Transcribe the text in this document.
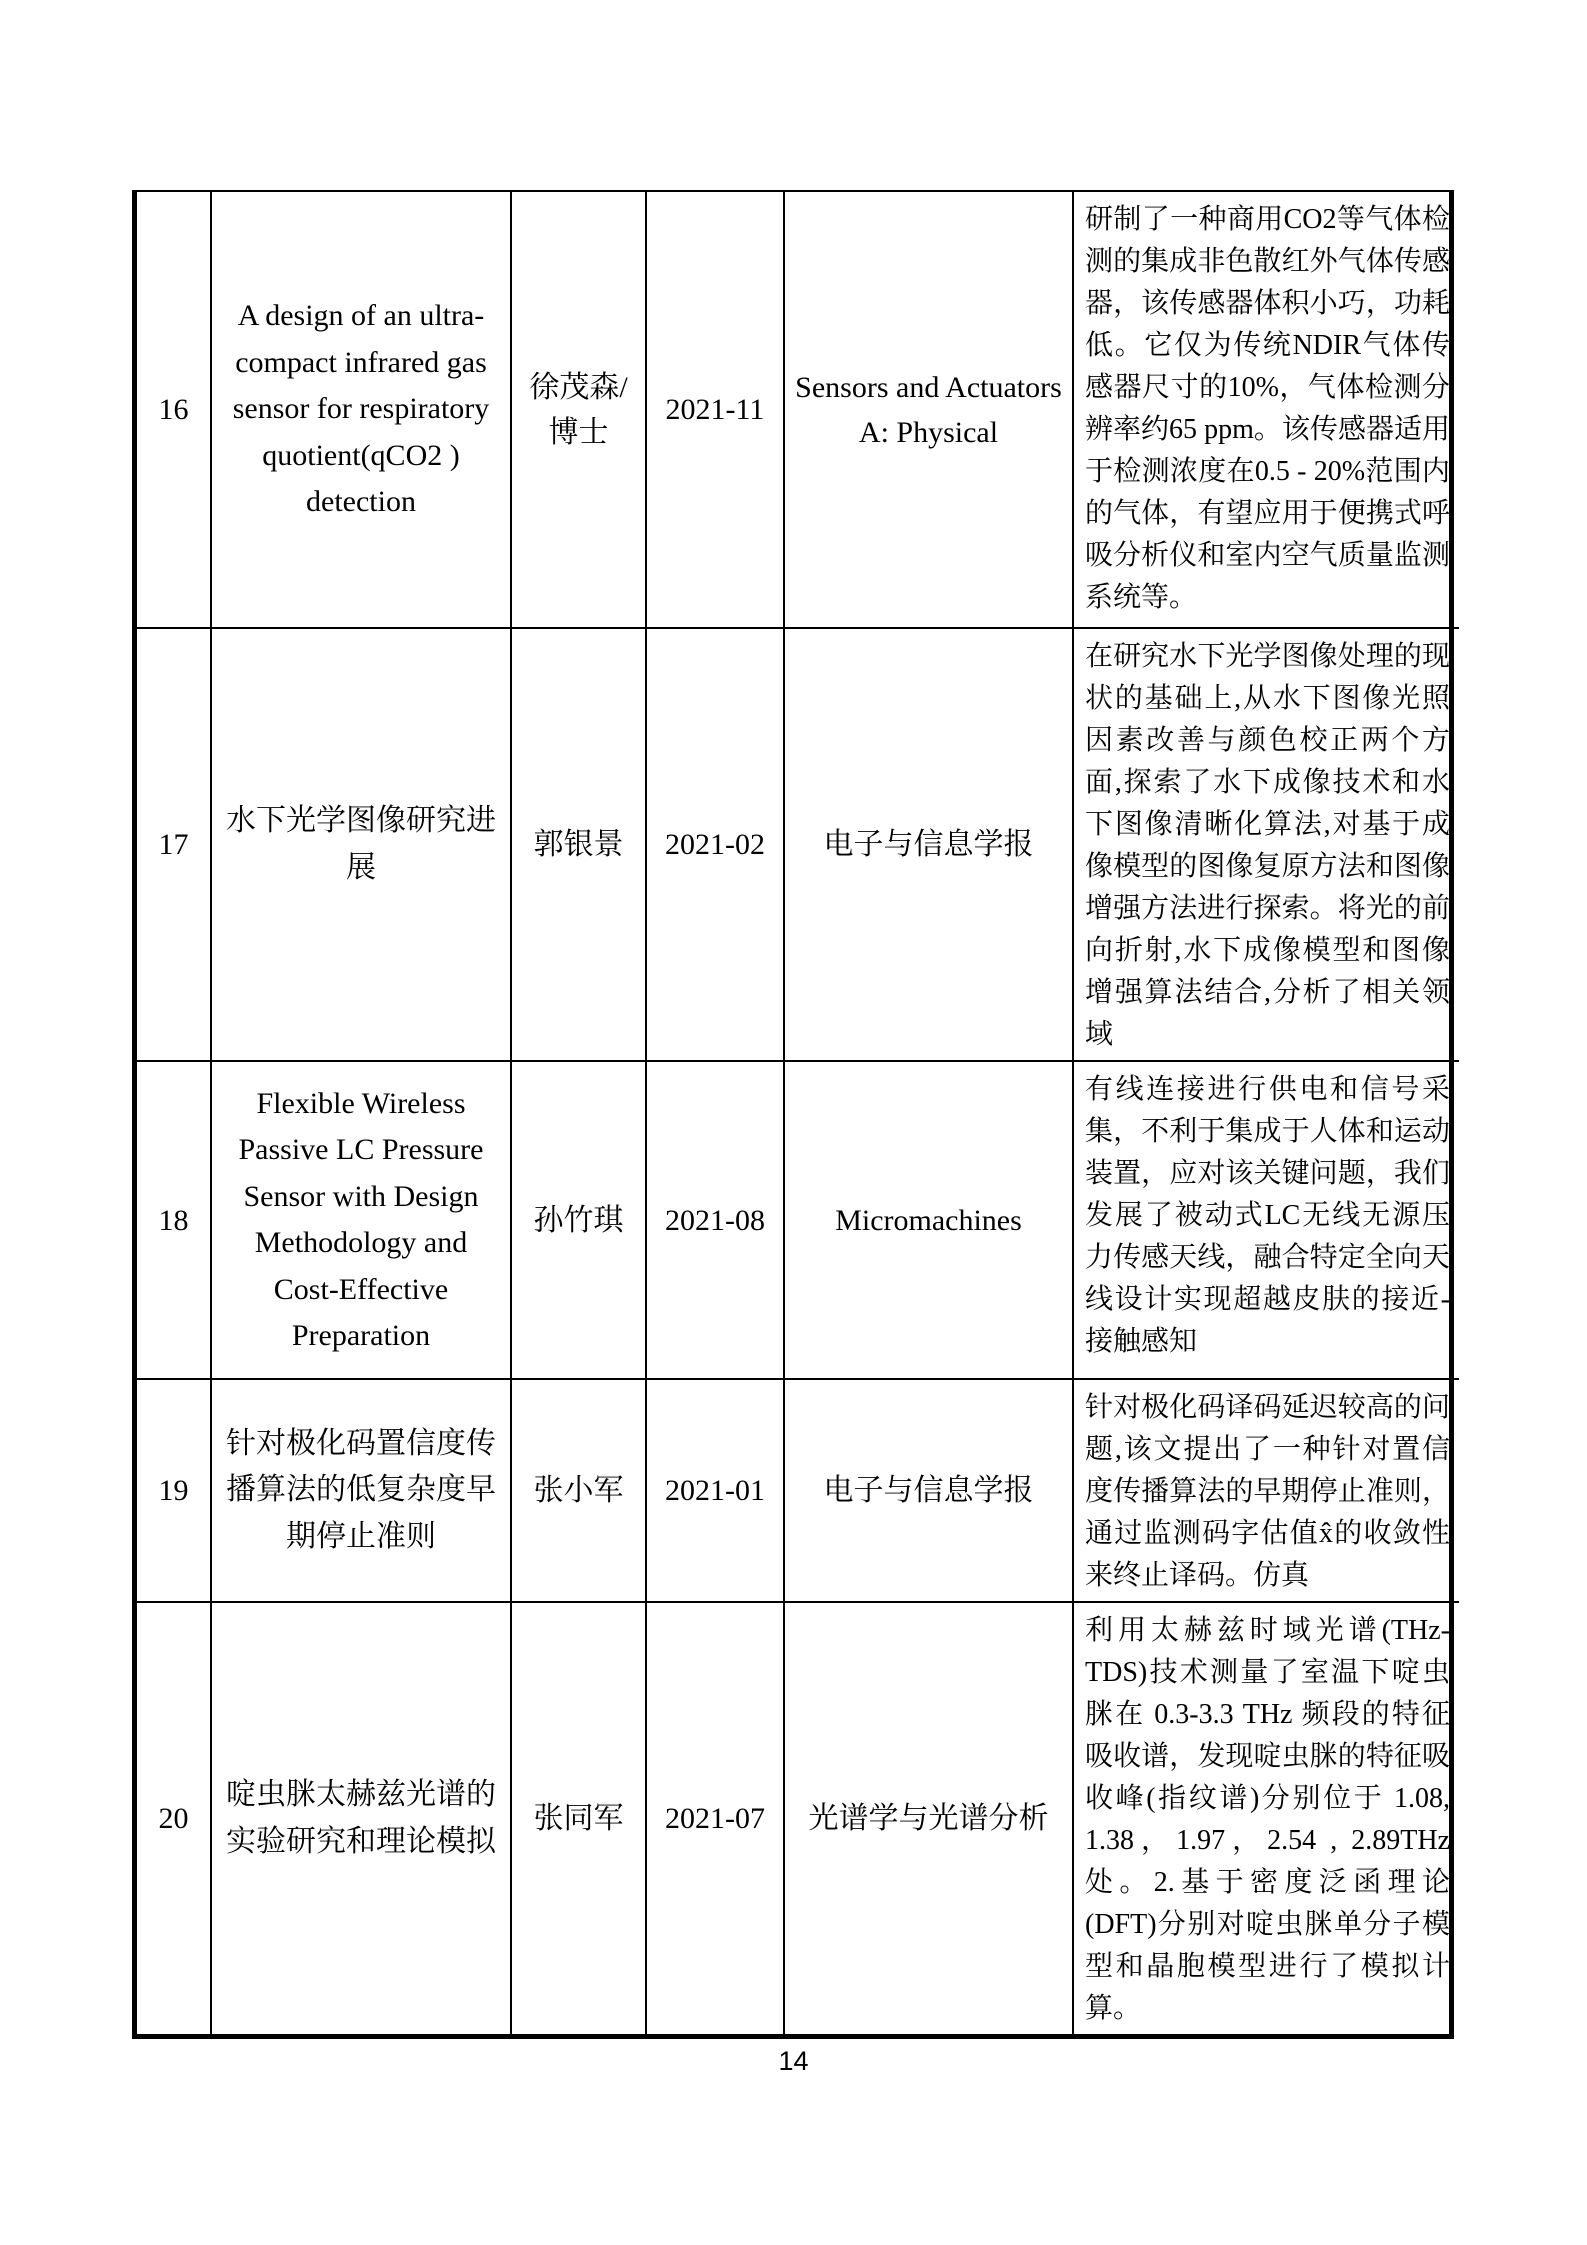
16	A design of an ultra-compact infrared gas sensor for respiratory quotient(qCO2 ) detection	徐茂森/博士	2021-11	Sensors and Actuators A: Physical	研制了一种商用CO2等气体检测的集成非色散红外气体传感器，该传感器体积小巧，功耗低。它仅为传统NDIR气体传感器尺寸的10%，气体检测分辨率约65 ppm。该传感器适用于检测浓度在0.5 - 20%范围内的气体，有望应用于便携式呼吸分析仪和室内空气质量监测系统等。
17	水下光学图像研究进展	郭银景	2021-02	电子与信息学报	在研究水下光学图像处理的现状的基础上,从水下图像光照因素改善与颜色校正两个方面,探索了水下成像技术和水下图像清晰化算法,对基于成像模型的图像复原方法和图像增强方法进行探索。将光的前向折射,水下成像模型和图像增强算法结合,分析了相关领域
18	Flexible Wireless Passive LC Pressure Sensor with Design Methodology and Cost-Effective Preparation	孙竹琪	2021-08	Micromachines	有线连接进行供电和信号采集，不利于集成于人体和运动装置，应对该关键问题，我们发展了被动式LC无线无源压力传感天线，融合特定全向天线设计实现超越皮肤的接近-接触感知
19	针对极化码置信度传播算法的低复杂度早期停止准则	张小军	2021-01	电子与信息学报	针对极化码译码延迟较高的问题,该文提出了一种针对置信度传播算法的早期停止准则，通过监测码字估值x̂的收敛性来终止译码。仿真
20	啶虫脒太赫兹光谱的实验研究和理论模拟	张同军	2021-07	光谱学与光谱分析	利用太赫兹时域光谱(THz-TDS)技术测量了室温下啶虫脒在 0.3-3.3 THz 频段的特征吸收谱，发现啶虫脒的特征吸收峰(指纹谱)分别位于 1.08, 1.38，1.97，2.54 , 2.89THz 处。2.基于密度泛函理论(DFT)分别对啶虫脒单分子模型和晶胞模型进行了模拟计算。
14
